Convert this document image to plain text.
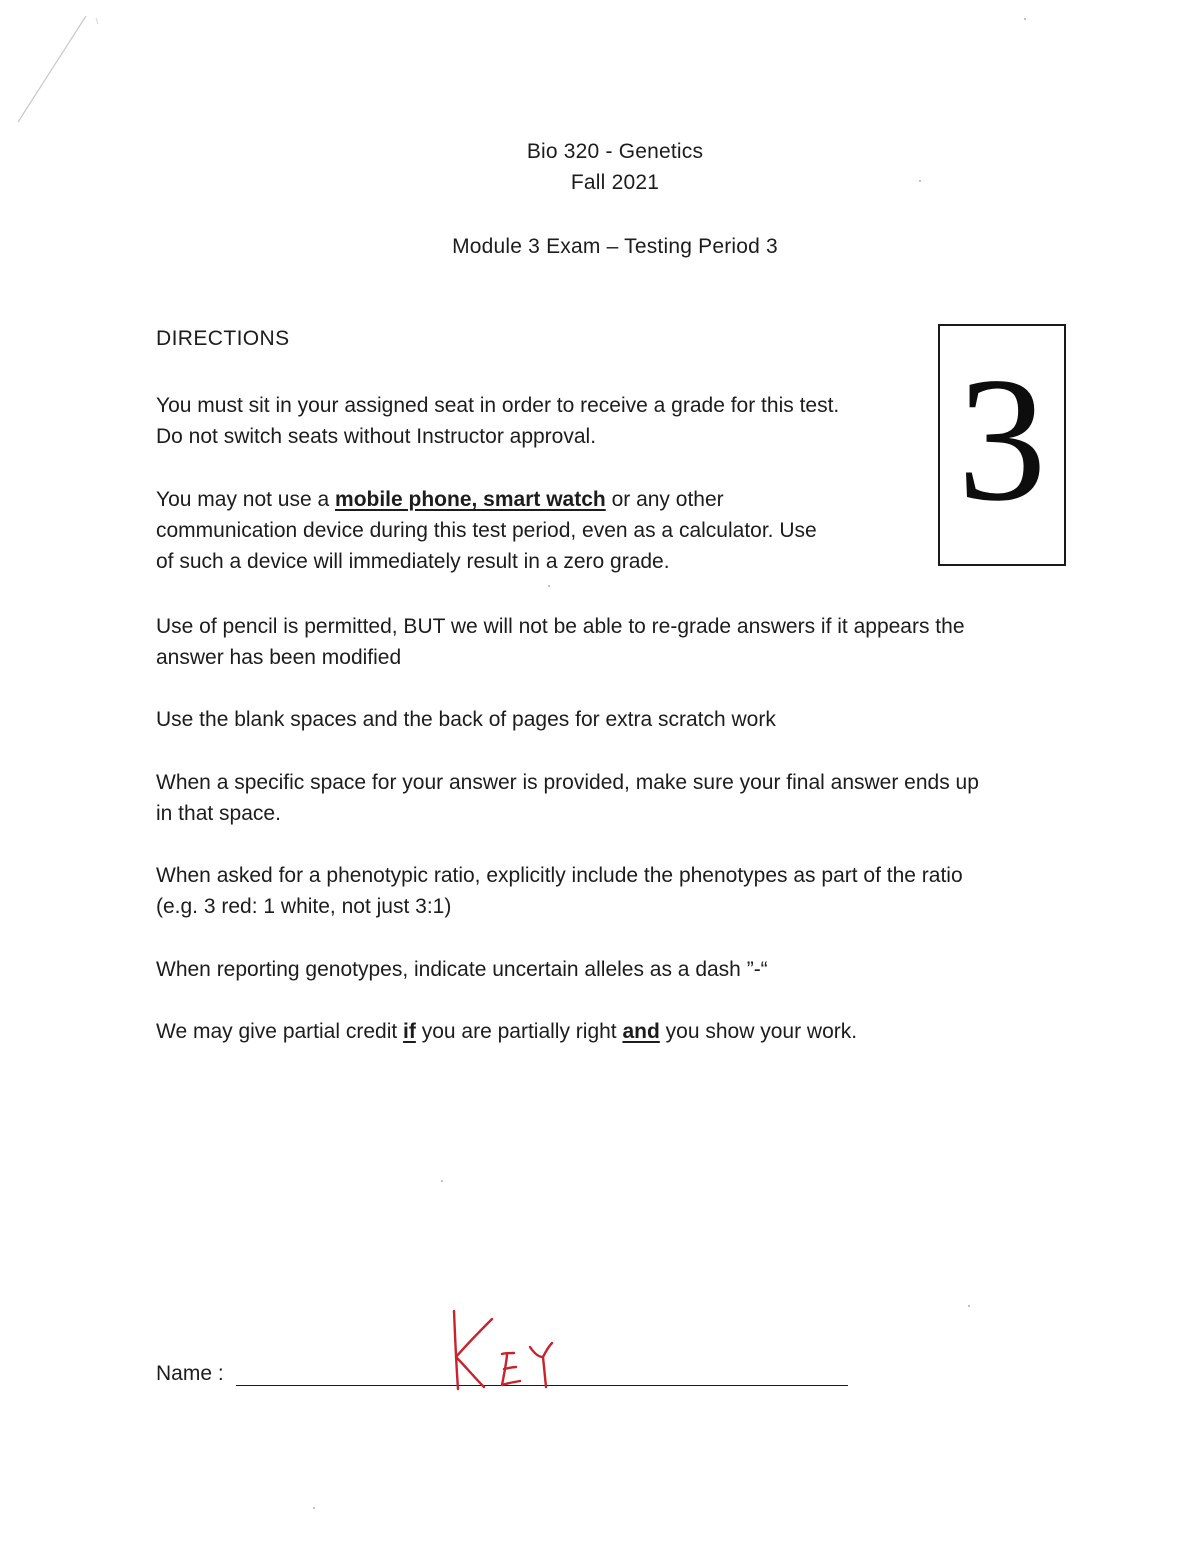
Bio 320 - Genetics
Fall 2021
Module 3 Exam – Testing Period 3
3
DIRECTIONS

You must sit in your assigned seat in order to receive a grade for this test.
Do not switch seats without Instructor approval.

You may not use a mobile phone, smart watch or any other
communication device during this test period, even as a calculator. Use
of such a device will immediately result in a zero grade.

Use of pencil is permitted, BUT we will not be able to re-grade answers if it appears the
answer has been modified

Use the blank spaces and the back of pages for extra scratch work

When a specific space for your answer is provided, make sure your final answer ends up
in that space.

When asked for a phenotypic ratio, explicitly include the phenotypes as part of the ratio
(e.g. 3 red: 1 white, not just 3:1)

When reporting genotypes, indicate uncertain alleles as a dash ”-“

We may give partial credit if you are partially right and you show your work.

Name :
